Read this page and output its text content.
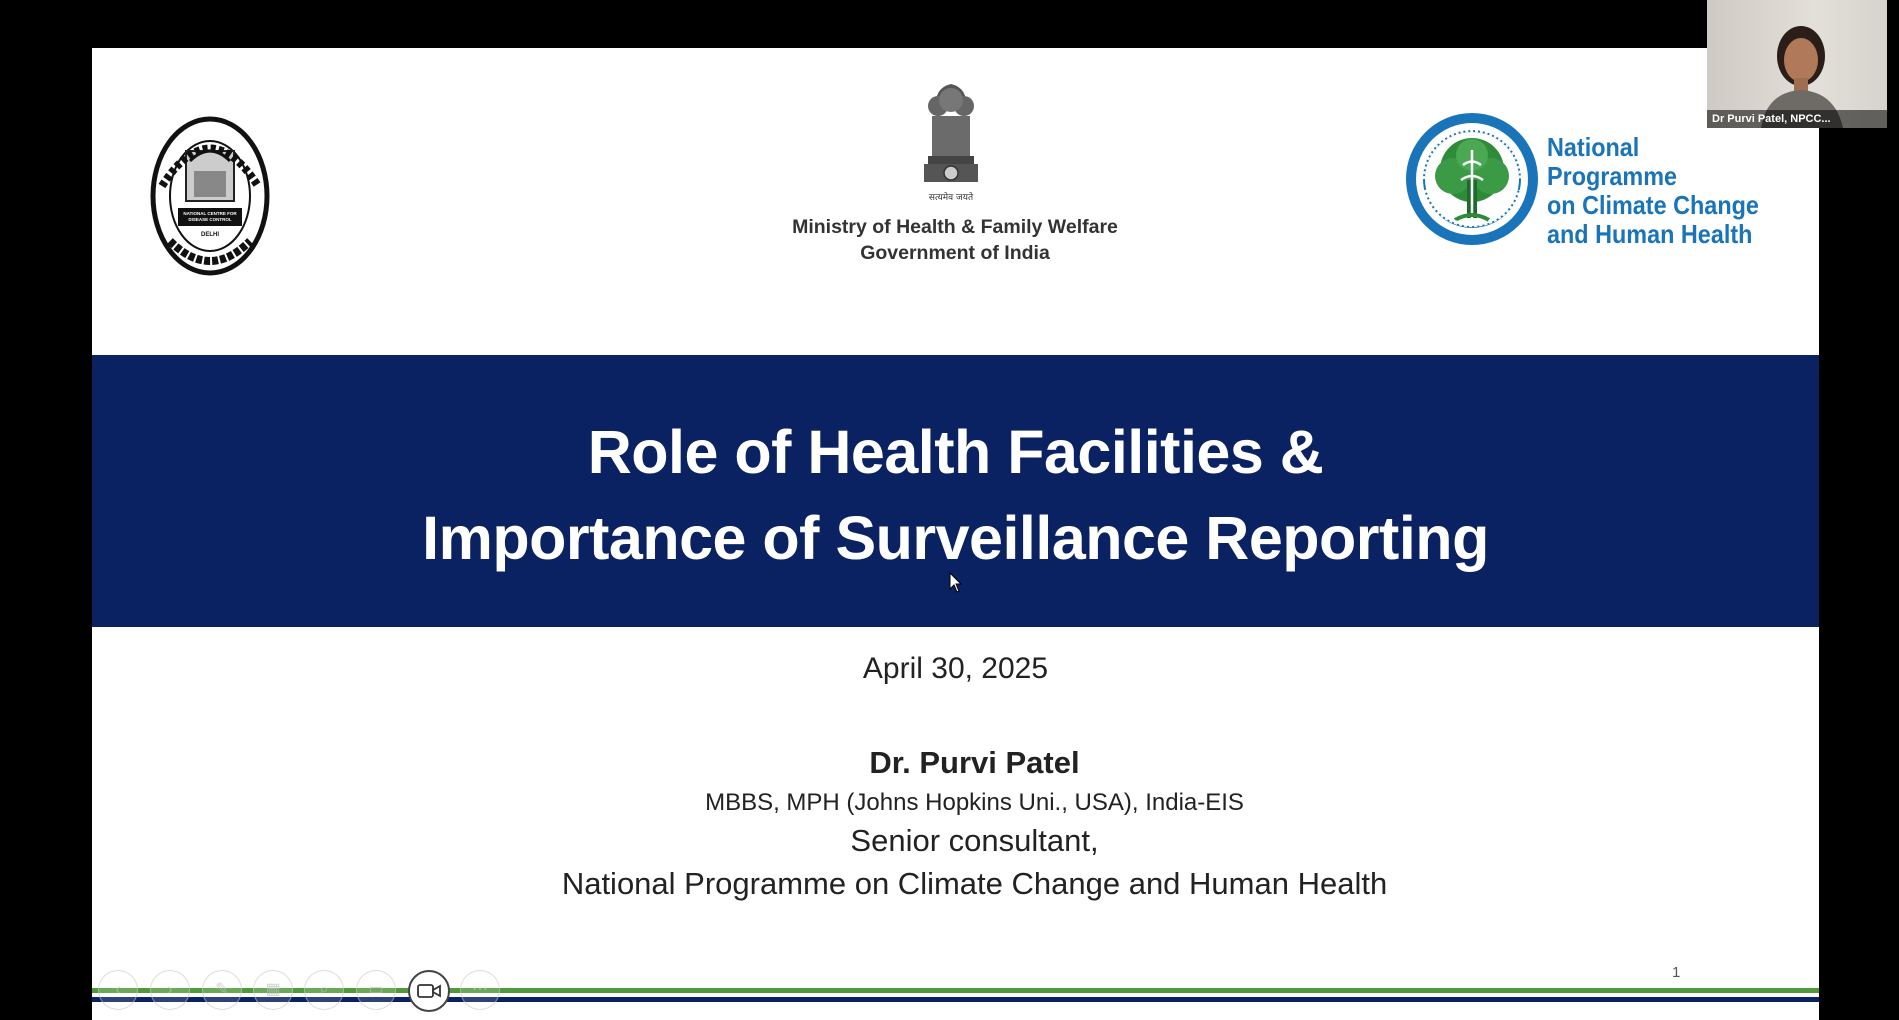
NATIONAL CENTRE FOR
DISEASE CONTROL
DELHI
सत्यमेव जयते
Ministry of Health & Family Welfare
Government of India
National Programme
on Climate Change
and Human Health
Role of Health Facilities &
Importance of Surveillance Reporting
April 30, 2025
Dr. Purvi Patel
MBBS, MPH (Johns Hopkins Uni., USA), India-EIS
Senior consultant,
National Programme on Climate Change and Human Health
1
‹	›	✎	▦	⌕	▭	⋯
Dr Purvi Patel, NPCC...
